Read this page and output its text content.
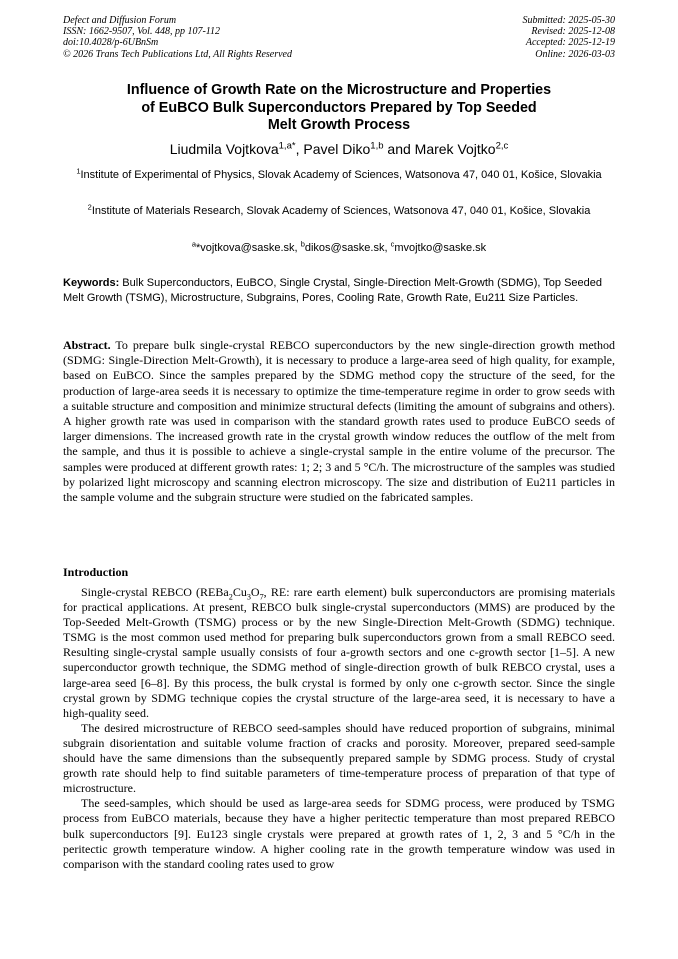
Defect and Diffusion Forum
ISSN: 1662-9507, Vol. 448, pp 107-112
doi:10.4028/p-6UBnSm
© 2026 Trans Tech Publications Ltd, All Rights Reserved
Submitted: 2025-05-30
Revised: 2025-12-08
Accepted: 2025-12-19
Online: 2026-03-03
Influence of Growth Rate on the Microstructure and Properties
of EuBCO Bulk Superconductors Prepared by Top Seeded
Melt Growth Process
Liudmila Vojtkova$^{1,a*}$, Pavel Diko$^{1,b}$ and Marek Vojtko$^{2,c}$
$^1$Institute of Experimental of Physics, Slovak Academy of Sciences, Watsonova 47, 040 01, Košice, Slovakia
$^2$Institute of Materials Research, Slovak Academy of Sciences, Watsonova 47, 040 01, Košice, Slovakia
$^a$*vojtkova@saske.sk, $^b$dikos@saske.sk, $^c$mvojtko@saske.sk
Keywords: Bulk Superconductors, EuBCO, Single Crystal, Single-Direction Melt-Growth (SDMG), Top Seeded Melt Growth (TSMG), Microstructure, Subgrains, Pores, Cooling Rate, Growth Rate, Eu211 Size Particles.
Abstract. To prepare bulk single-crystal REBCO superconductors by the new single-direction growth method (SDMG: Single-Direction Melt-Growth), it is necessary to produce a large-area seed of high quality, for example, based on EuBCO. Since the samples prepared by the SDMG method copy the structure of the seed, for the production of large-area seeds it is necessary to optimize the time-temperature regime in order to grow seeds with a suitable structure and composition and minimize structural defects (limiting the amount of subgrains and others). A higher growth rate was used in comparison with the standard growth rates used to produce EuBCO seeds of larger dimensions. The increased growth rate in the crystal growth window reduces the outflow of the melt from the sample, and thus it is possible to achieve a single-crystal sample in the entire volume of the precursor. The samples were produced at different growth rates: 1; 2; 3 and 5 °C/h. The microstructure of the samples was studied by polarized light microscopy and scanning electron microscopy. The size and distribution of Eu211 particles in the sample volume and the subgrain structure were studied on the fabricated samples.
Introduction

Single-crystal REBCO ($REBa_2Cu_3O_7$, RE: rare earth element) bulk superconductors are promising materials for practical applications. At present, REBCO bulk single-crystal superconductors (MMS) are produced by the Top-Seeded Melt-Growth (TSMG) process or by the new Single-Direction Melt-Growth (SDMG) technique. TSMG is the most common used method for preparing bulk superconductors grown from a small REBCO seed. Resulting single-crystal sample usually consists of four a-growth sectors and one c-growth sector [1–5]. A new superconductor growth technique, the SDMG method of single-direction growth of bulk REBCO crystal, uses a large-area seed [6–8]. By this process, the bulk crystal is formed by only one c-growth sector. Since the single crystal grown by SDMG technique copies the crystal structure of the large-area seed, it is necessary to have a high-quality seed.

The desired microstructure of REBCO seed-samples should have reduced proportion of subgrains, minimal subgrain disorientation and suitable volume fraction of cracks and porosity. Moreover, prepared seed-sample should have the same dimensions than the subsequently prepared sample by SDMG process. Study of crystal growth rate should help to find suitable parameters of time-temperature process of preparation of that type of microstructure.

The seed-samples, which should be used as large-area seeds for SDMG process, were produced by TSMG process from EuBCO materials, because they have a higher peritectic temperature than most prepared REBCO bulk superconductors [9]. Eu123 single crystals were prepared at growth rates of 1, 2, 3 and 5 °C/h in the peritectic growth temperature window. A higher cooling rate in the growth temperature window was used in comparison with the standard cooling rates used to grow
